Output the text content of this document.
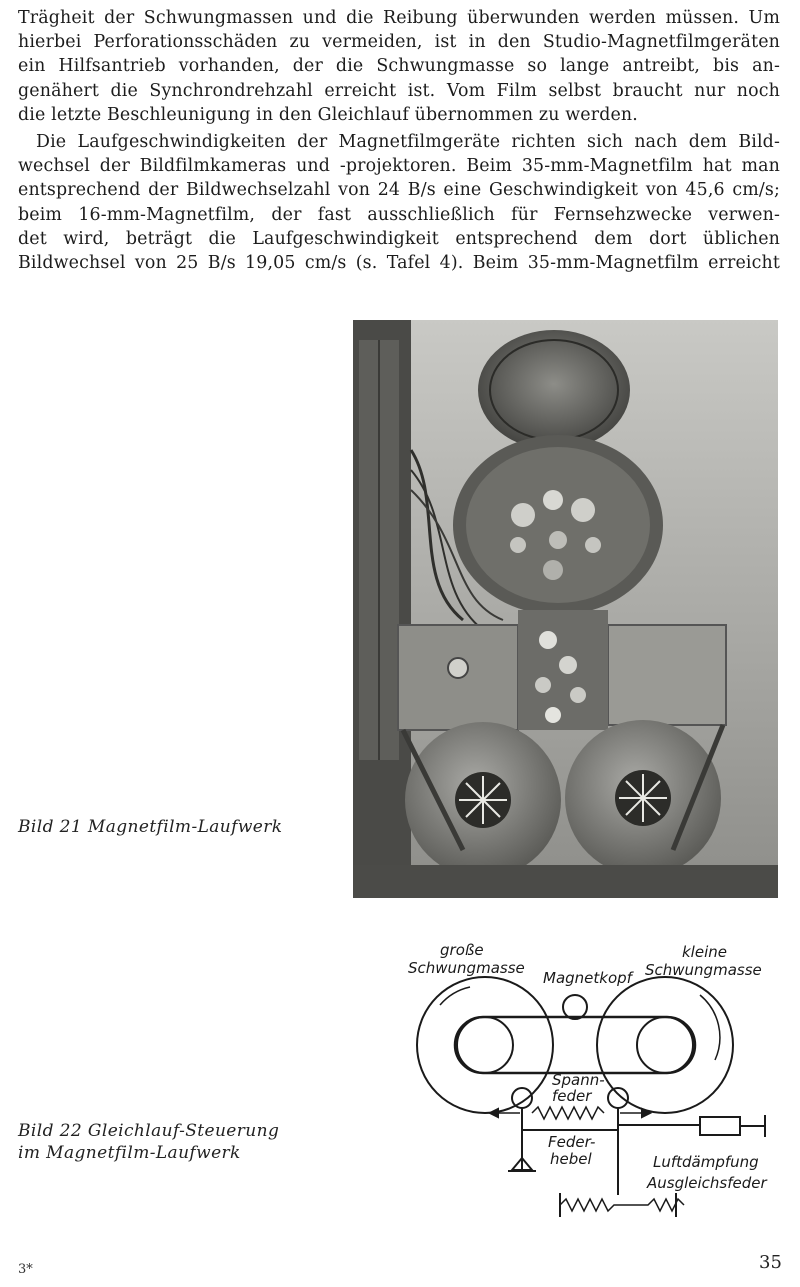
Trägheit der Schwungmassen und die Reibung überwunden werden müssen. Um
hierbei Perforationsschäden zu vermeiden, ist in den Studio-Magnetfilmgeräten
ein Hilfsantrieb vorhanden, der die Schwungmasse so lange antreibt, bis an-
genähert die Synchrondrehzahl erreicht ist. Vom Film selbst braucht nur noch
die letzte Beschleunigung in den Gleichlauf übernommen zu werden.
Die Laufgeschwindigkeiten der Magnetfilmgeräte richten sich nach dem Bild-
wechsel der Bildfilmkameras und -projektoren. Beim 35-mm-Magnetfilm hat man
entsprechend der Bildwechselzahl von 24 B/s eine Geschwindigkeit von 45,6 cm/s;
beim 16-mm-Magnetfilm, der fast ausschließlich für Fernsehzwecke verwen-
det wird, beträgt die Laufgeschwindigkeit entsprechend dem dort üblichen
Bildwechsel von 25 B/s 19,05 cm/s (s. Tafel 4). Beim 35-mm-Magnetfilm erreicht
Bild 21 Magnetfilm-Laufwerk
Bild 22 Gleichlauf-Steuerung
im Magnetfilm-Laufwerk
große
Schwungmasse
kleine
Schwungmasse
Magnetkopf
Spann-
feder
Feder-
hebel	Luftdämpfung
Ausgleichsfeder
3*	35
